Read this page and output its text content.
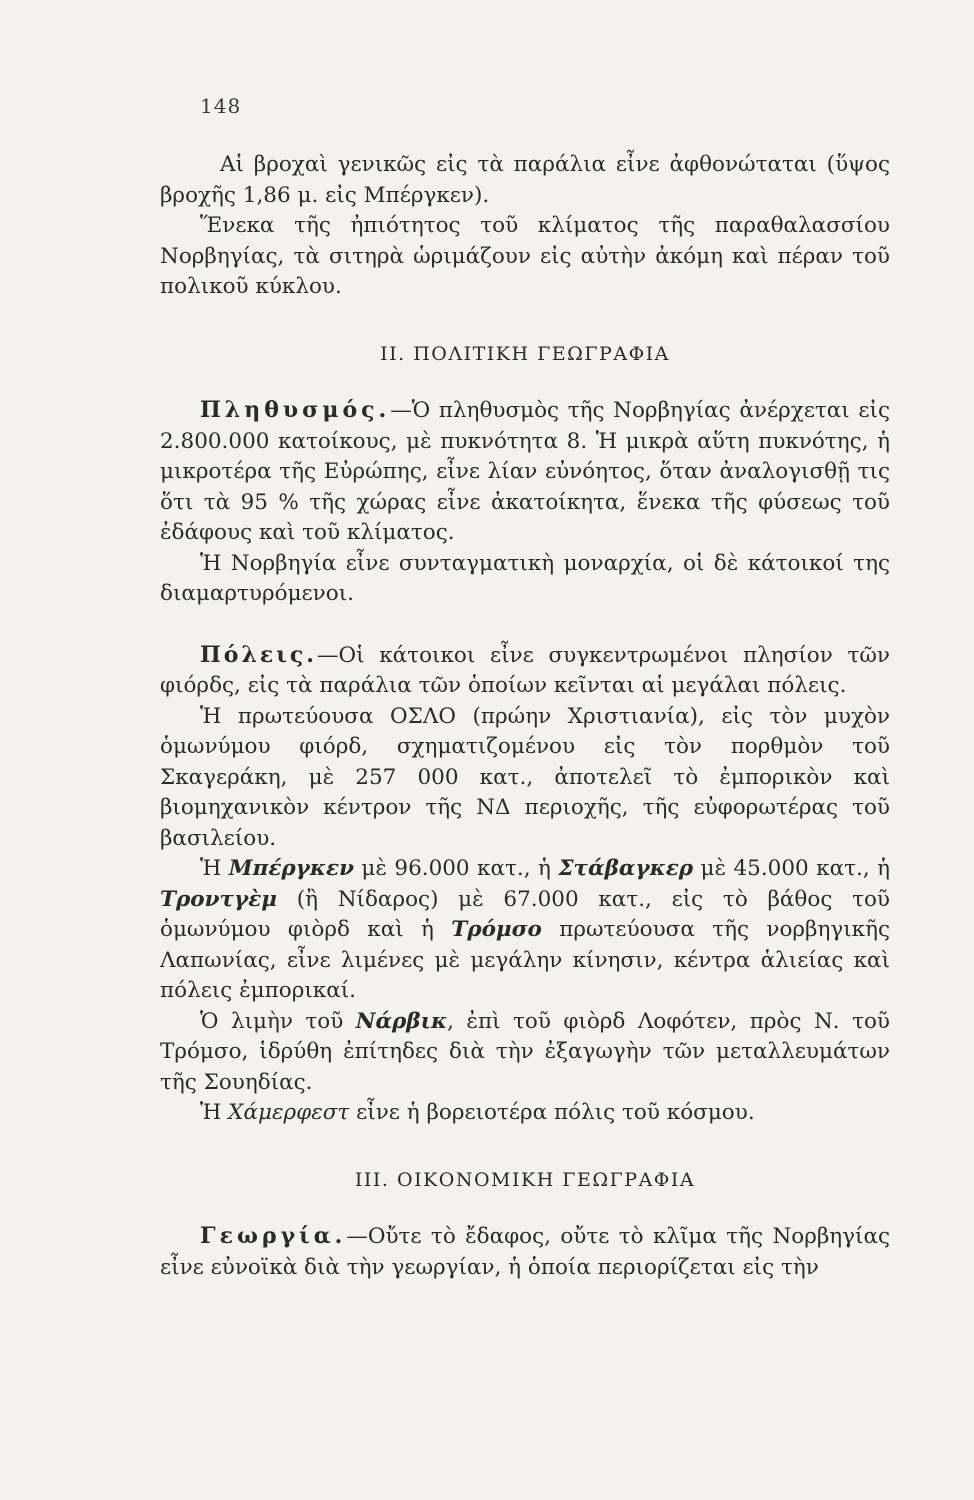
148

Αἱ βροχαὶ γενικῶς εἰς τὰ παράλια εἶνε ἀφθονώταται (ὕψος βροχῆς 1,86 μ. εἰς Μπέργκεν).

Ἕνεκα τῆς ἠπιότητος τοῦ κλίματος τῆς παραθαλασσίου Νορβηγίας, τὰ σιτηρὰ ὡριμάζουν εἰς αὐτὴν ἀκόμη καὶ πέραν τοῦ πολικοῦ κύκλου.

II. ΠΟΛΙΤΙΚΗ ΓΕΩΓΡΑΦΙΑ

Πληθυσμός.—Ὁ πληθυσμὸς τῆς Νορβηγίας ἀνέρχεται εἰς 2.800.000 κατοίκους, μὲ πυκνότητα 8. Ἡ μικρὰ αὕτη πυκνότης, ἡ μικροτέρα τῆς Εὐρώπης, εἶνε λίαν εὐνόητος, ὅταν ἀναλογισθῇ τις ὅτι τὰ 95 % τῆς χώρας εἶνε ἀκατοίκητα, ἕνεκα τῆς φύσεως τοῦ ἐδάφους καὶ τοῦ κλίματος.

Ἡ Νορβηγία εἶνε συνταγματικὴ μοναρχία, οἱ δὲ κάτοικοί της διαμαρτυρόμενοι.

Πόλεις.—Οἱ κάτοικοι εἶνε συγκεντρωμένοι πλησίον τῶν φιόρδς, εἰς τὰ παράλια τῶν ὁποίων κεῖνται αἱ μεγάλαι πόλεις.

Ἡ πρωτεύουσα ΟΣΛΟ (πρώην Χριστιανία), εἰς τὸν μυχὸν ὁμωνύμου φιόρδ, σχηματιζομένου εἰς τὸν πορθμὸν τοῦ Σκαγεράκη, μὲ 257 000 κατ., ἀποτελεῖ τὸ ἐμπορικὸν καὶ βιομηχανικὸν κέντρον τῆς ΝΔ περιοχῆς, τῆς εὐφορωτέρας τοῦ βασιλείου.

Ἡ Μπέργκεν μὲ 96.000 κατ., ἡ Στάβαγκερ μὲ 45.000 κατ., ἡ Τροντγὲμ (ἢ Νίδαρος) μὲ 67.000 κατ., εἰς τὸ βάθος τοῦ ὁμωνύμου φιὸρδ καὶ ἡ Τρόμσο πρωτεύουσα τῆς νορβηγικῆς Λαπωνίας, εἶνε λιμένες μὲ μεγάλην κίνησιν, κέντρα ἁλιείας καὶ πόλεις ἐμπορικαί.

Ὁ λιμὴν τοῦ Νάρβικ, ἐπὶ τοῦ φιὸρδ Λοφότεν, πρὸς Ν. τοῦ Τρόμσο, ἱδρύθη ἐπίτηδες διὰ τὴν ἐξαγωγὴν τῶν μεταλλευμάτων τῆς Σουηδίας.

Ἡ Χάμερφεστ εἶνε ἡ βορειοτέρα πόλις τοῦ κόσμου.

III. ΟΙΚΟΝΟΜΙΚΗ ΓΕΩΓΡΑΦΙΑ

Γεωργία.—Οὔτε τὸ ἔδαφος, οὔτε τὸ κλῖμα τῆς Νορβηγίας εἶνε εὐνοϊκὰ διὰ τὴν γεωργίαν, ἡ ὁποία περιορίζεται εἰς τὴν
